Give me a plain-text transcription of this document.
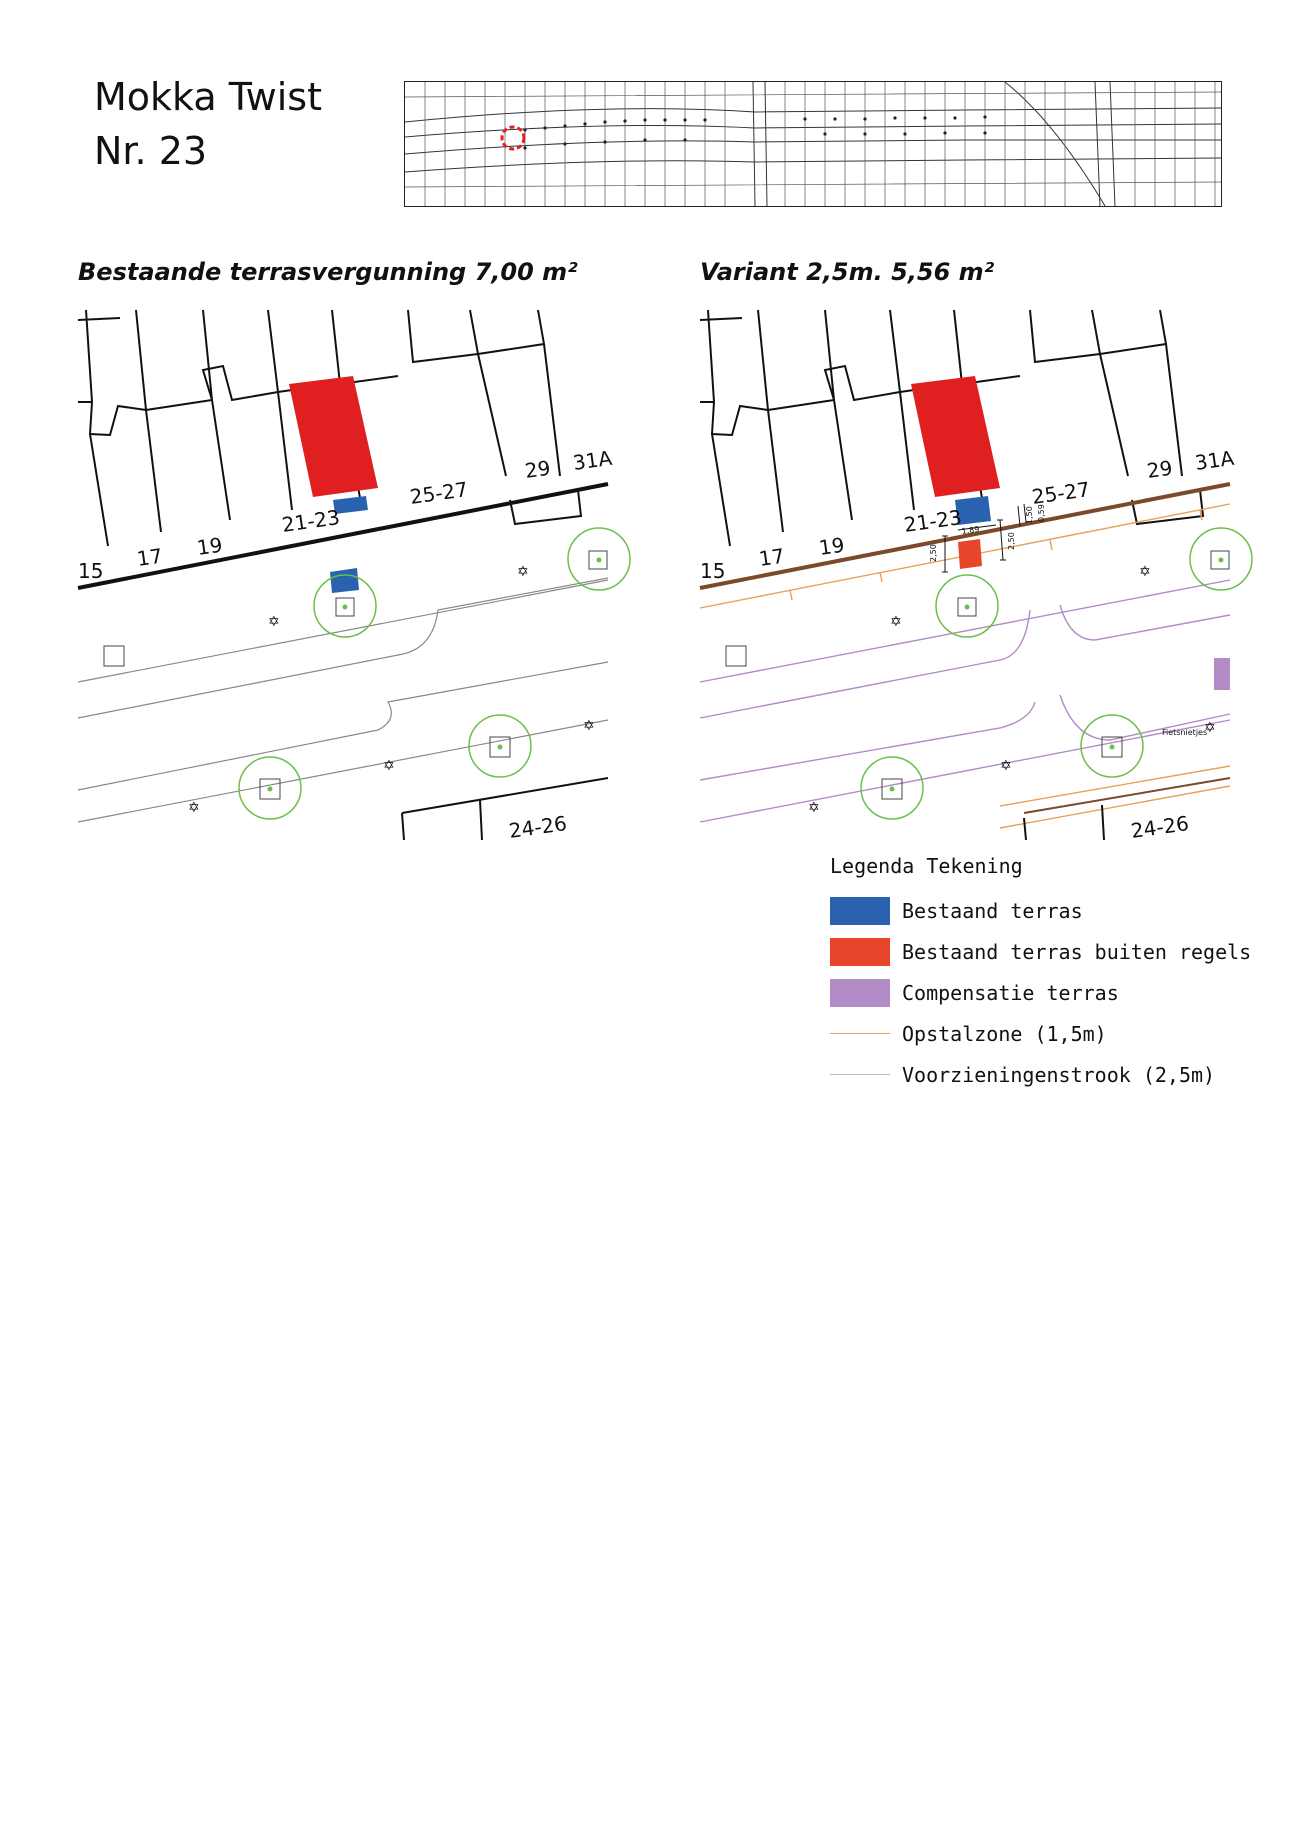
Mokka Twist
Nr. 23
Bestaande terrasvergunning 7,00 m²
✡
✡
✡
✡
✡
15
17 19
21-23
25-27
29 31A
24-26
Variant 2,5m. 5,56 m²
1,89
2,50
2,50
1,50 0,59
✡
✡
✡
✡
✡
Fietsnietjes
15
17 19
21-23
25-27
29 31A
24-26
Legenda Tekening
Bestaand terras
Bestaand terras buiten regels
Compensatie terras
Opstalzone (1,5m)
Voorzieningenstrook (2,5m)
